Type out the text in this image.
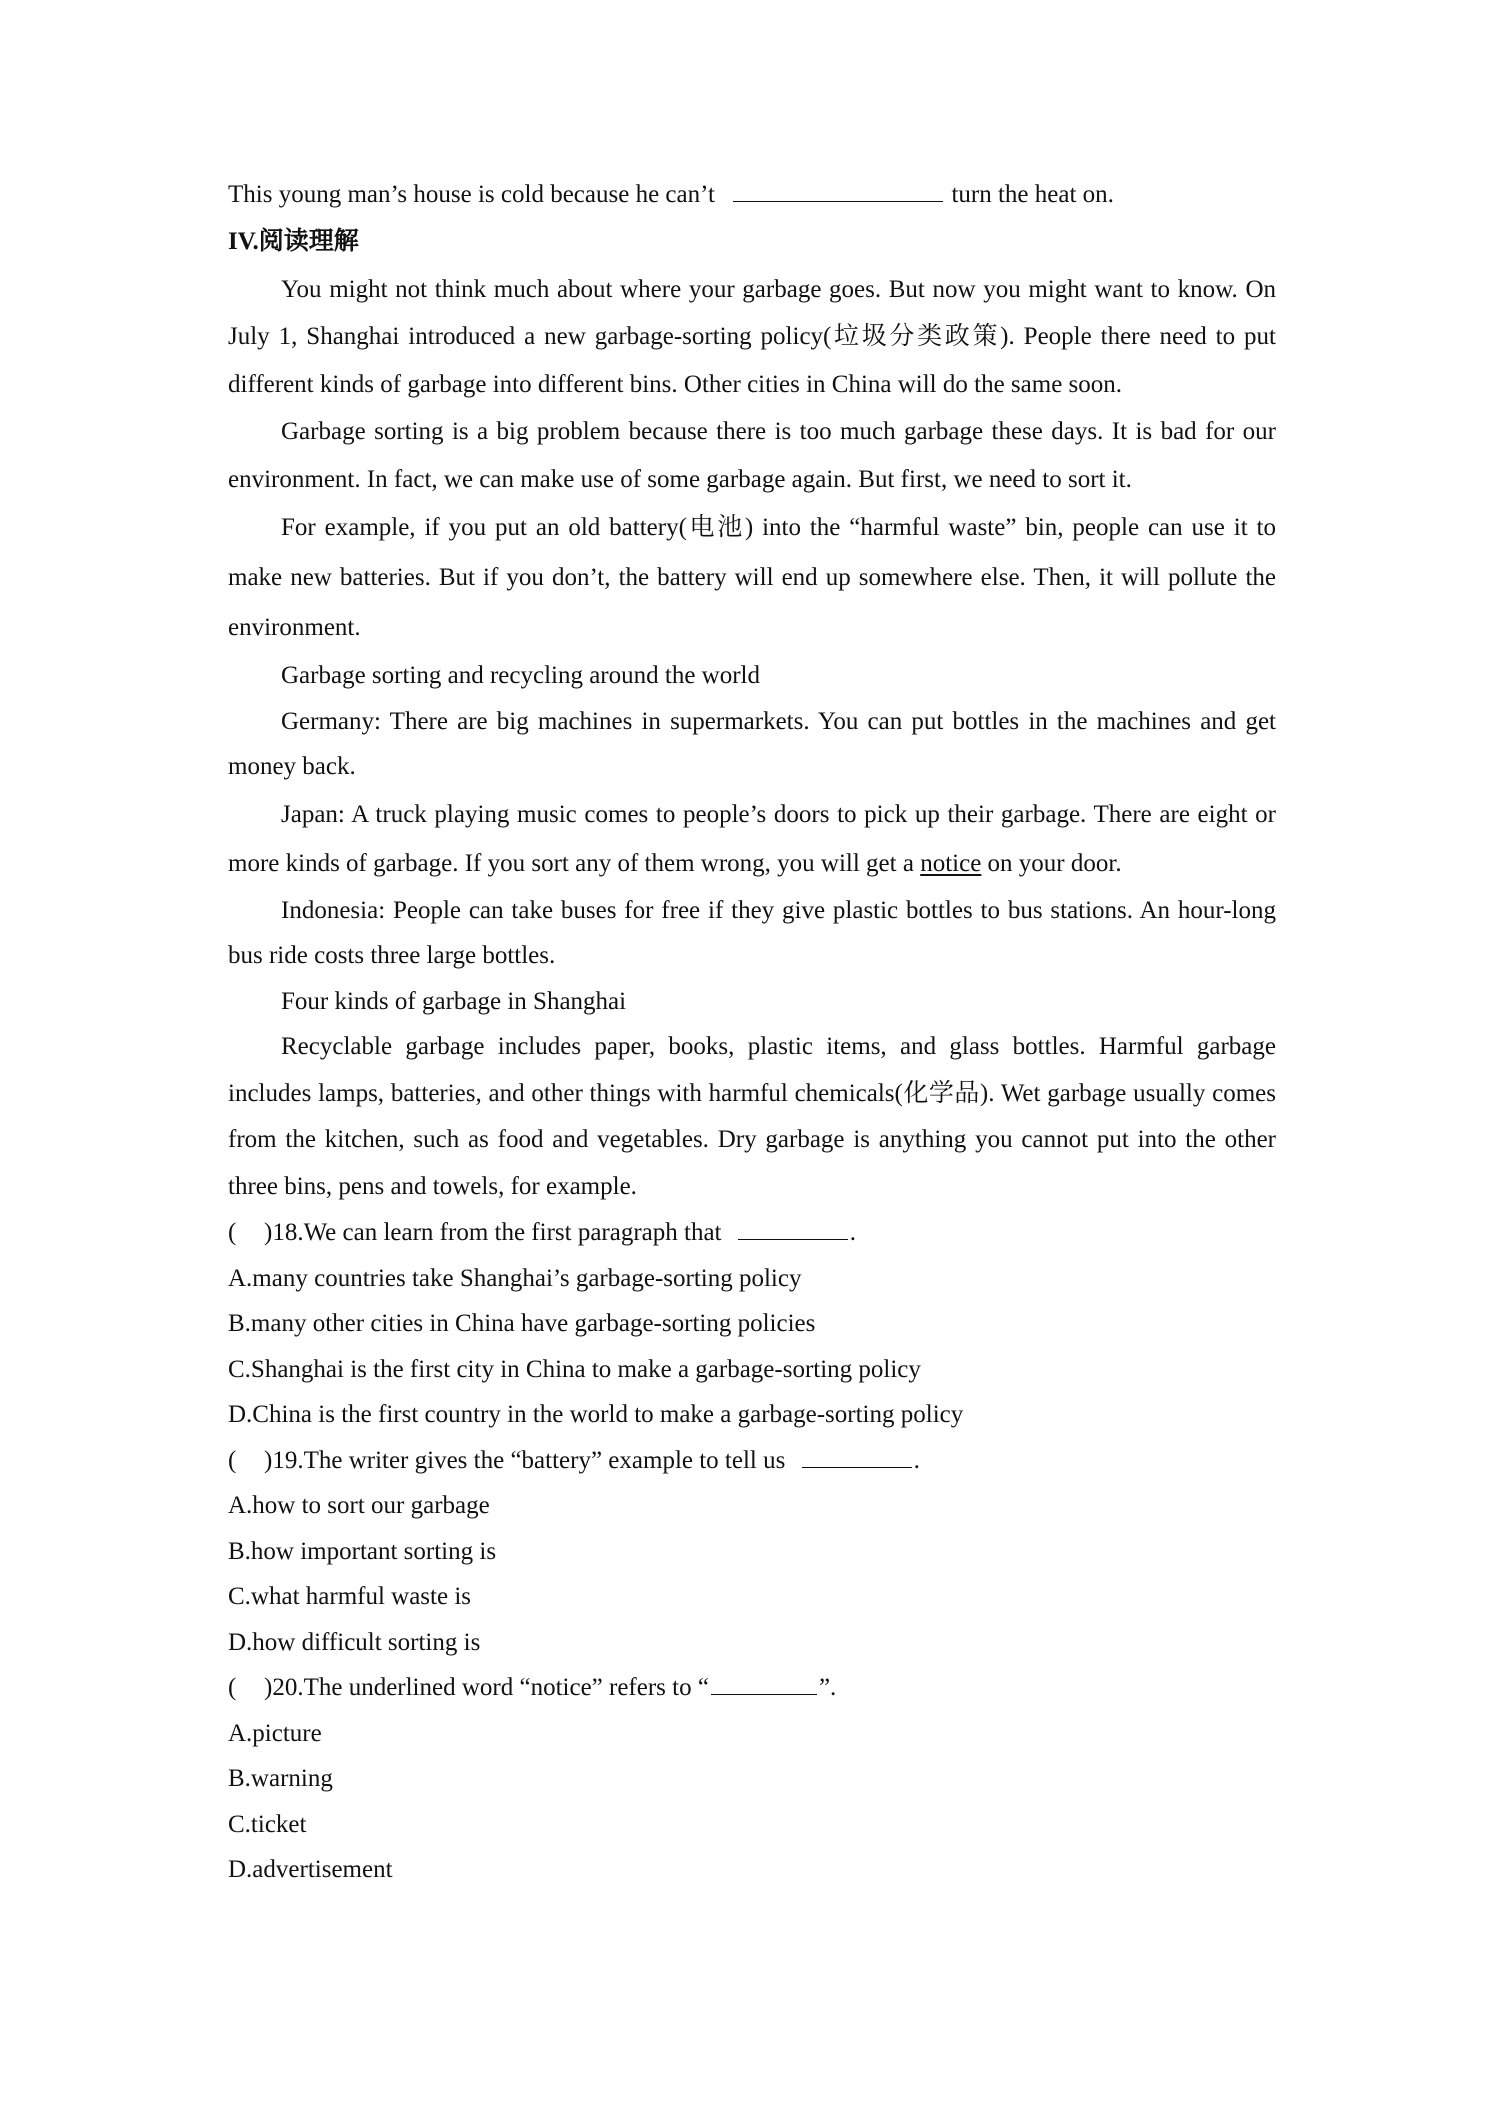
This young man’s house is cold because he can’t	turn the heat on.
IV.阅读理解

You might not think much about where your garbage goes. But now you might want to know. On July 1, Shanghai introduced a new garbage-sorting policy(垃圾分类政策). People there need to put different kinds of garbage into different bins. Other cities in China will do the same soon.

Garbage sorting is a big problem because there is too much garbage these days. It is bad for our environment. In fact, we can make use of some garbage again. But first, we need to sort it.

For example, if you put an old battery(电池) into the “harmful waste” bin, people can use it to make new batteries. But if you don’t, the battery will end up somewhere else. Then, it will pollute the environment.

Garbage sorting and recycling around the world

Germany: There are big machines in supermarkets. You can put bottles in the machines and get money back.

Japan: A truck playing music comes to people’s doors to pick up their garbage. There are eight or more kinds of garbage. If you sort any of them wrong, you will get a notice on your door.

Indonesia: People can take buses for free if they give plastic bottles to bus stations. An hour-long bus ride costs three large bottles.

Four kinds of garbage in Shanghai

Recyclable garbage includes paper, books, plastic items, and glass bottles. Harmful garbage includes lamps, batteries, and other things with harmful chemicals(化学品). Wet garbage usually comes from the kitchen, such as food and vegetables. Dry garbage is anything you cannot put into the other three bins, pens and towels, for example.

( )18.We can learn from the first paragraph that	.
A.many countries take Shanghai’s garbage-sorting policy
B.many other cities in China have garbage-sorting policies
C.Shanghai is the first city in China to make a garbage-sorting policy
D.China is the first country in the world to make a garbage-sorting policy
( )19.The writer gives the “battery” example to tell us	.
A.how to sort our garbage
B.how important sorting is
C.what harmful waste is
D.how difficult sorting is
( )20.The underlined word “notice” refers to “	”.
A.picture
B.warning
C.ticket
D.advertisement
